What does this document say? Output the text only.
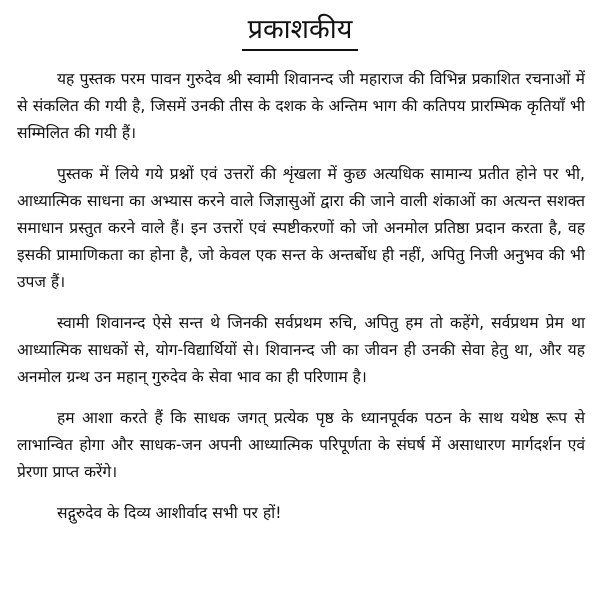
प्रकाशकीय

यह पुस्तक परम पावन गुरुदेव श्री स्वामी शिवानन्द जी महाराज की विभिन्न प्रकाशित रचनाओं में से संकलित की गयी है, जिसमें उनकी तीस के दशक के अन्तिम भाग की कतिपय प्रारम्भिक कृतियाँ भी सम्मिलित की गयी हैं।

पुस्तक में लिये गये प्रश्नों एवं उत्तरों की शृंखला में कुछ अत्यधिक सामान्य प्रतीत होने पर भी, आध्यात्मिक साधना का अभ्यास करने वाले जिज्ञासुओं द्वारा की जाने वाली शंकाओं का अत्यन्त सशक्त समाधान प्रस्तुत करने वाले हैं। इन उत्तरों एवं स्पष्टीकरणों को जो अनमोल प्रतिष्ठा प्रदान करता है, वह इसकी प्रामाणिकता का होना है, जो केवल एक सन्त के अन्तर्बोध ही नहीं, अपितु निजी अनुभव की भी उपज हैं।

स्वामी शिवानन्द ऐसे सन्त थे जिनकी सर्वप्रथम रुचि, अपितु हम तो कहेंगे, सर्वप्रथम प्रेम था आध्यात्मिक साधकों से, योग-विद्यार्थियों से। शिवानन्द जी का जीवन ही उनकी सेवा हेतु था, और यह अनमोल ग्रन्थ उन महान् गुरुदेव के सेवा भाव का ही परिणाम है।

हम आशा करते हैं कि साधक जगत् प्रत्येक पृष्ठ के ध्यानपूर्वक पठन के साथ यथेष्ठ रूप से लाभान्वित होगा और साधक-जन अपनी आध्यात्मिक परिपूर्णता के संघर्ष में असाधारण मार्गदर्शन एवं प्रेरणा प्राप्त करेंगे।

सद्गुरुदेव के दिव्य आशीर्वाद सभी पर हों!
